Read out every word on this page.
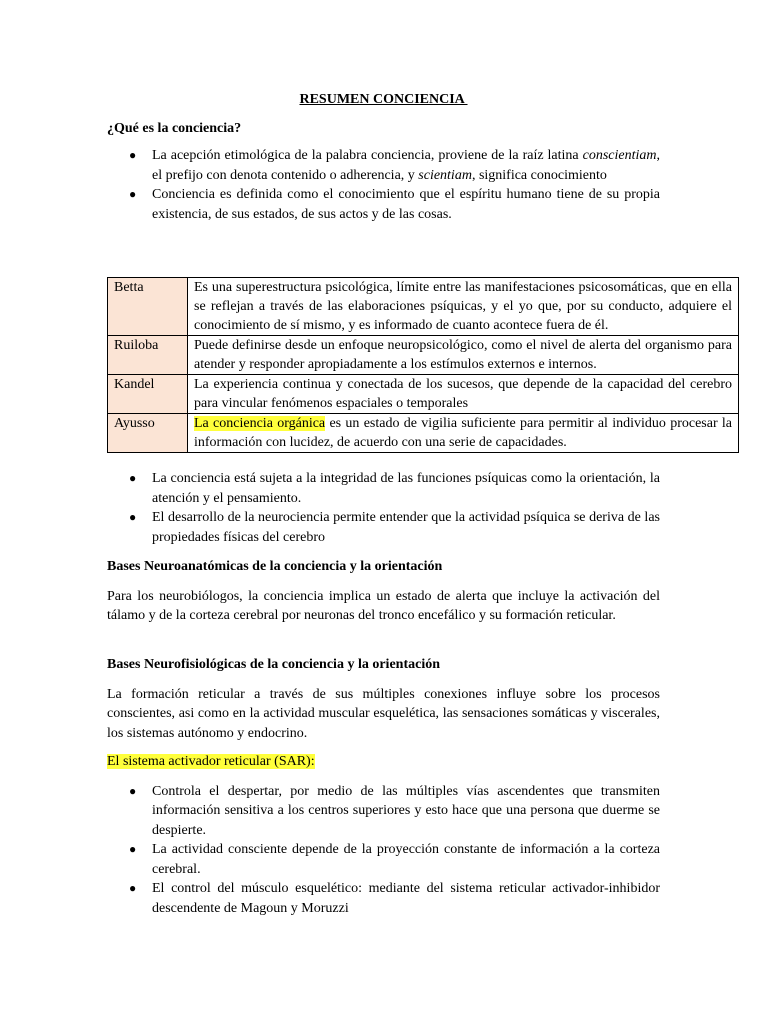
RESUMEN CONCIENCIA
¿Qué es la conciencia?
● La acepción etimológica de la palabra conciencia, proviene de la raíz latina conscientiam, el prefijo con denota contenido o adherencia, y scientiam, significa conocimiento
● Conciencia es definida como el conocimiento que el espíritu humano tiene de su propia existencia, de sus estados, de sus actos y de las cosas.
Betta	Es una superestructura psicológica, límite entre las manifestaciones psicosomáticas, que en ella se reflejan a través de las elaboraciones psíquicas, y el yo que, por su conducto, adquiere el conocimiento de sí mismo, y es informado de cuanto acontece fuera de él.
Ruiloba	Puede definirse desde un enfoque neuropsicológico, como el nivel de alerta del organismo para atender y responder apropiadamente a los estímulos externos e internos.
Kandel	La experiencia continua y conectada de los sucesos, que depende de la capacidad del cerebro para vincular fenómenos espaciales o temporales
Ayusso	La conciencia orgánica es un estado de vigilia suficiente para permitir al individuo procesar la información con lucidez, de acuerdo con una serie de capacidades.
● La conciencia está sujeta a la integridad de las funciones psíquicas como la orientación, la atención y el pensamiento.
● El desarrollo de la neurociencia permite entender que la actividad psíquica se deriva de las propiedades físicas del cerebro
Bases Neuroanatómicas de la conciencia y la orientación

Para los neurobiólogos, la conciencia implica un estado de alerta que incluye la activación del tálamo y de la corteza cerebral por neuronas del tronco encefálico y su formación reticular.

Bases Neurofisiológicas de la conciencia y la orientación

La formación reticular a través de sus múltiples conexiones influye sobre los procesos conscientes, asi como en la actividad muscular esquelética, las sensaciones somáticas y viscerales, los sistemas autónomo y endocrino.

El sistema activador reticular (SAR):
● Controla el despertar, por medio de las múltiples vías ascendentes que transmiten información sensitiva a los centros superiores y esto hace que una persona que duerme se despierte.
● La actividad consciente depende de la proyección constante de información a la corteza cerebral.
● El control del músculo esquelético: mediante del sistema reticular activador-inhibidor descendente de Magoun y Moruzzi
